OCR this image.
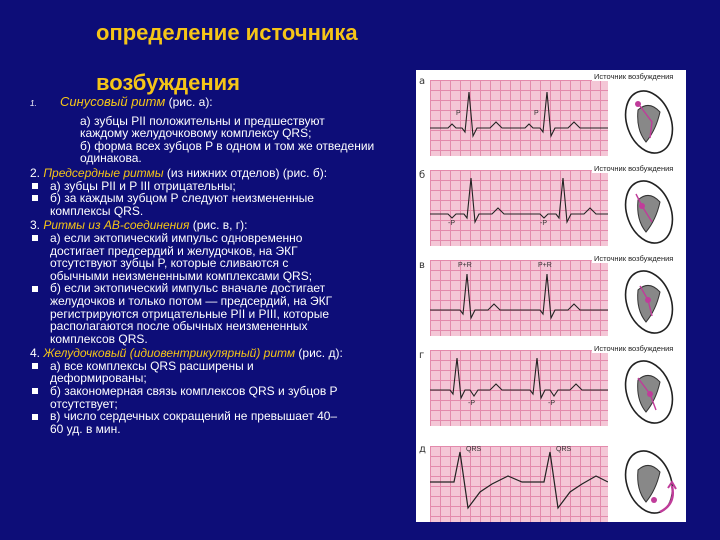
определение источника
возбуждения
1. Синусовый ритм (рис. а):
а) зубцы PII положительны и предшествуют
каждому желудочковому комплексу QRS;
б) форма всех зубцов P в одном и том же отведении
одинакова.
2. Предсердные ритмы (из нижних отделов) (рис. б):
а) зубцы PII и P III отрицательны;
б) за каждым зубцом P следуют неизмененные
комплексы QRS.
3. Ритмы из АВ-соединения (рис. в, г):
а) если эктопический импульс одновременно
достигает предсердий и желудочков, на ЭКГ
отсутствуют зубцы P, которые сливаются с
обычными неизмененными комплексами QRS;
б) если эктопический импульс вначале достигает
желудочков и только потом — предсердий, на ЭКГ
регистрируются отрицательные PII и PIII, которые
располагаются после обычных неизмененных
комплексов QRS.
4. Желудочковый (идиовентрикулярный) ритм (рис. д):
а) все комплексы QRS расширены и
деформированы;
б) закономерная связь комплексов QRS и зубцов P
отсутствует;
в) число сердечных сокращений не превышает 40–
60 уд. в мин.
а
P	P
Источник возбуждения
б
-P	-P
Источник возбуждения
в	P+R	P+R
Источник возбуждения
г
-P	-P
Источник возбуждения
д	QRS	QRS
